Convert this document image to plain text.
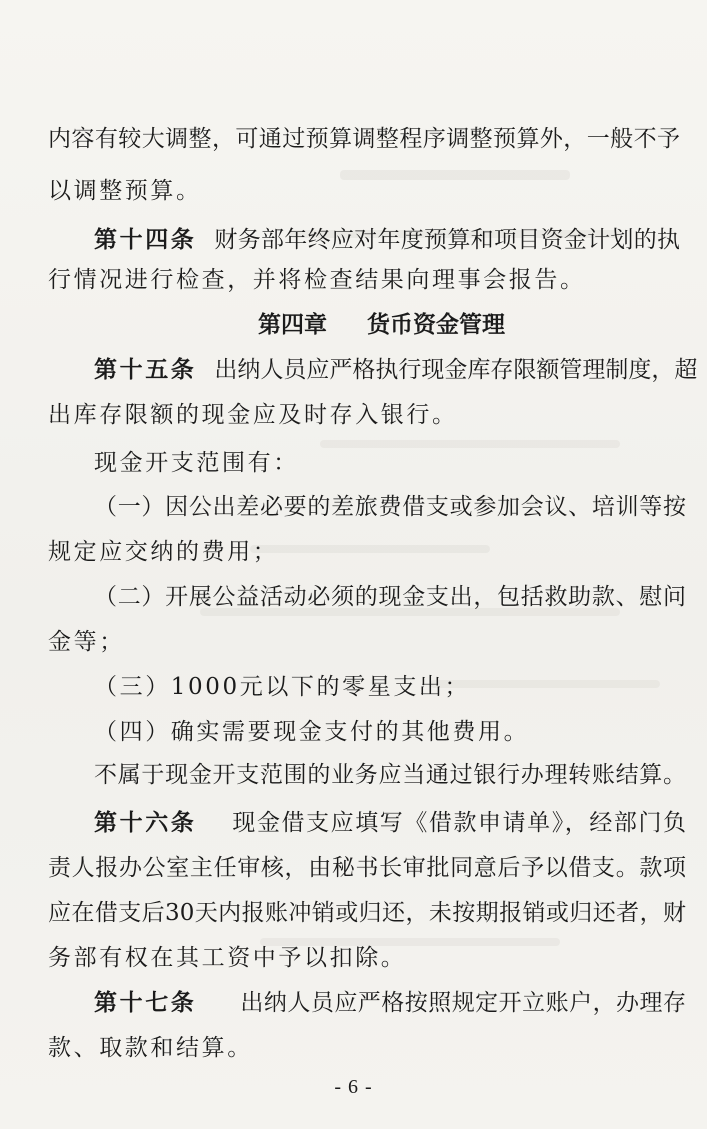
内容有较大调整，可通过预算调整程序调整预算外，一般不予
以调整预算。
第十四条 财务部年终应对年度预算和项目资金计划的执
行情况进行检查，并将检查结果向理事会报告。
第四章 货币资金管理
第十五条 出纳人员应严格执行现金库存限额管理制度，超
出库存限额的现金应及时存入银行。
现金开支范围有：
（一）因公出差必要的差旅费借支或参加会议、培训等按
规定应交纳的费用；
（二）开展公益活动必须的现金支出，包括救助款、慰问
金等；
（三）1000元以下的零星支出；
（四）确实需要现金支付的其他费用。
不属于现金开支范围的业务应当通过银行办理转账结算。
第十六条 现金借支应填写《借款申请单》，经部门负
责人报办公室主任审核，由秘书长审批同意后予以借支。款项
应在借支后30天内报账冲销或归还，未按期报销或归还者，财
务部有权在其工资中予以扣除。
第十七条 出纳人员应严格按照规定开立账户，办理存
款、取款和结算。
- 6 -
